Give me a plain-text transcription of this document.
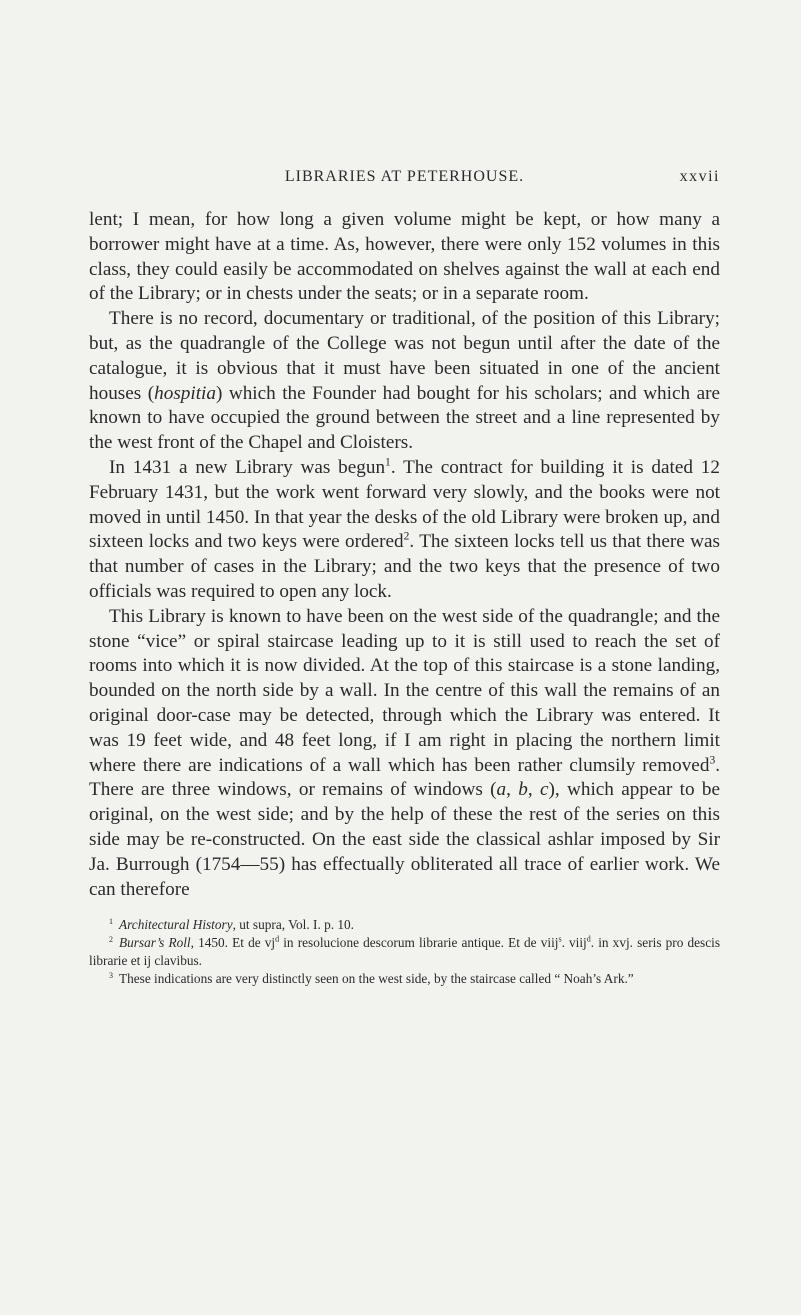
LIBRARIES AT PETERHOUSE.	xxvii

lent; I mean, for how long a given volume might be kept, or how many a borrower might have at a time. As, however, there were only 152 volumes in this class, they could easily be accommodated on shelves against the wall at each end of the Library; or in chests under the seats; or in a separate room.

There is no record, documentary or traditional, of the position of this Library; but, as the quadrangle of the College was not begun until after the date of the catalogue, it is obvious that it must have been situated in one of the ancient houses (hospitia) which the Founder had bought for his scholars; and which are known to have occupied the ground between the street and a line represented by the west front of the Chapel and Cloisters.

In 1431 a new Library was begun$^1$. The contract for building it is dated 12 February 1431, but the work went forward very slowly, and the books were not moved in until 1450. In that year the desks of the old Library were broken up, and sixteen locks and two keys were ordered$^2$. The sixteen locks tell us that there was that number of cases in the Library; and the two keys that the presence of two officials was required to open any lock.

This Library is known to have been on the west side of the quadrangle; and the stone “vice” or spiral staircase leading up to it is still used to reach the set of rooms into which it is now divided. At the top of this staircase is a stone landing, bounded on the north side by a wall. In the centre of this wall the remains of an original door-case may be detected, through which the Library was entered. It was 19 feet wide, and 48 feet long, if I am right in placing the northern limit where there are indications of a wall which has been rather clumsily removed$^3$. There are three windows, or remains of windows (a, b, c), which appear to be original, on the west side; and by the help of these the rest of the series on this side may be re-constructed. On the east side the classical ashlar imposed by Sir Ja. Burrough (1754—55) has effectually obliterated all trace of earlier work. We can therefore

$^1$ Architectural History, ut supra, Vol. I. p. 10.

$^2$ Bursar’s Roll, 1450. Et de $vj^d$ in resolucione descorum librarie antique. Et de viij$^s$. viij$^d$. in xvj. seris pro descis librarie et ij clavibus.

$^3$ These indications are very distinctly seen on the west side, by the staircase called “ Noah’s Ark.”
